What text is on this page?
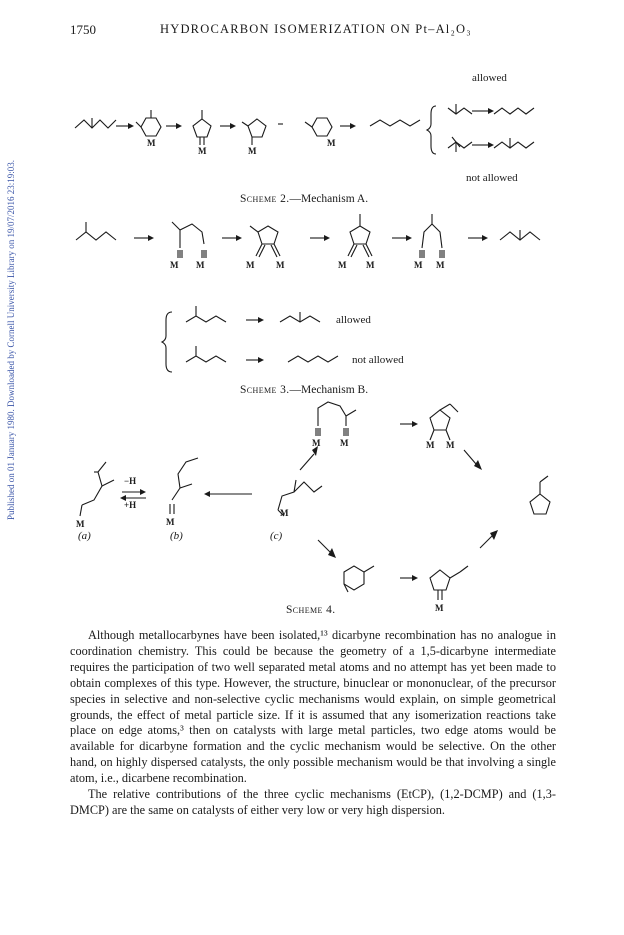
Published on 01 January 1980. Downloaded by Cornell University Library on 19/07/2016 23:19:03.
1750	HYDROCARBON ISOMERIZATION ON Pt–Al₂O₃
M
M	M
M
M M	M M	M M	M M
M	M
M
M M	M M
M
allowed
not allowed
Scheme 2.—Mechanism A.
allowed
not allowed
Scheme 3.—Mechanism B.
−H
+H
(a)	(b)	(c)
Scheme 4.

Although metallocarbynes have been isolated,¹³ dicarbyne recombination has no analogue in coordination chemistry. This could be because the geometry of a 1,5-dicarbyne intermediate requires the participation of two well separated metal atoms and no attempt has yet been made to obtain complexes of this type. However, the structure, binuclear or mononuclear, of the precursor species in selective and non-selective cyclic mechanisms would explain, on simple geometrical grounds, the effect of metal particle size. If it is assumed that any isomerization reactions take place on edge atoms,³ then on catalysts with large metal particles, two edge atoms would be available for dicarbyne formation and the cyclic mechanism would be selective. On the other hand, on highly dispersed catalysts, the only possible mechanism would be that involving a single atom, i.e., dicarbene recombination.

The relative contributions of the three cyclic mechanisms (EtCP), (1,2-DCMP) and (1,3-DMCP) are the same on catalysts of either very low or very high dispersion.
